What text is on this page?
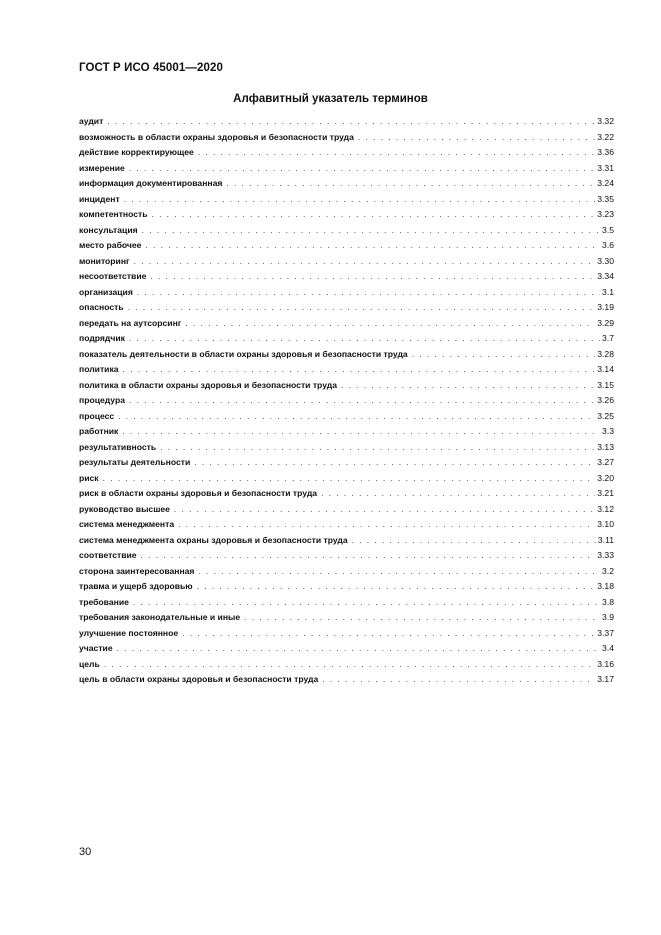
ГОСТ Р ИСО 45001—2020
Алфавитный указатель терминов
аудит . . .	3.32
возможность в области охраны здоровья и безопасности труда . . .	3.22
действие корректирующее . . .	3.36
измерение . . .	3.31
информация документированная . . .	3.24
инцидент . . .	3.35
компетентность . . .	3.23
консультация . . .	3.5
место рабочее . . .	3.6
мониторинг . . .	3.30
несоответствие . . .	3.34
организация . . .	3.1
опасность . . .	3.19
передать на аутсорсинг . . .	3.29
подрядчик . . .	3.7
показатель деятельности в области охраны здоровья и безопасности труда . . .	3.28
политика . . .	3.14
политика в области охраны здоровья и безопасности труда . . .	3.15
процедура . . .	3.26
процесс . . .	3.25
работник . . .	3.3
результативность . . .	3.13
результаты деятельности . . .	3.27
риск . . .	3.20
риск в области охраны здоровья и безопасности труда . . .	3.21
руководство высшее . . .	3.12
система менеджмента . . .	3.10
система менеджмента охраны здоровья и безопасности труда . . .	3.11
соответствие . . .	3.33
сторона заинтересованная . . .	3.2
травма и ущерб здоровью . . .	3.18
требование . . .	3.8
требования законодательные и иные . . .	3.9
улучшение постоянное . . .	3.37
участие . . .	3.4
цель . . .	3.16
цель в области охраны здоровья и безопасности труда . . .	3.17
30
